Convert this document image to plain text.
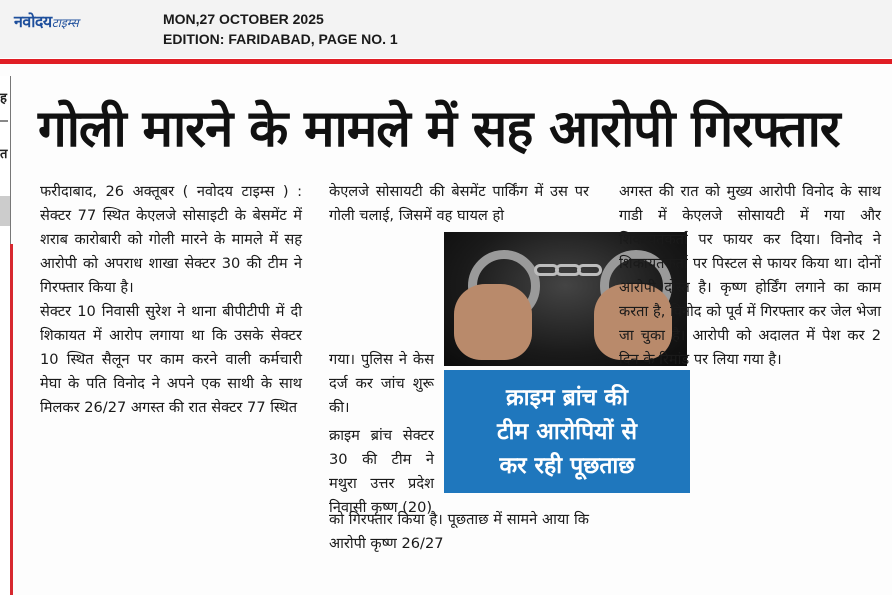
नवोदयटाइम्स	MON,27 OCTOBER 2025
EDITION: FARIDABAD, PAGE NO. 1
ह
त गोली मारने के मामले में सह आरोपी गिरफ्तार

फरीदाबाद, 26 अक्तूबर ( नवोदय टाइम्स ) : सेक्टर 77 स्थित केएलजे सोसाइटी के बेसमेंट में शराब कारोबारी को गोली मारने के मामले में सह आरोपी को अपराध शाखा सेक्टर 30 की टीम ने गिरफ्तार किया है।

सेक्टर 10 निवासी सुरेश ने थाना बीपीटीपी में दी शिकायत में आरोप लगाया था कि उसके सेक्टर 10 स्थित सैलून पर काम करने वाली कर्मचारी मेघा के पति विनोद ने अपने एक साथी के साथ मिलकर 26/27 अगस्त की रात सेक्टर 77 स्थित

केएलजे सोसायटी की बेसमेंट पार्किंग में उस पर गोली चलाई, जिसमें वह घायल हो

गया। पुलिस ने केस दर्ज कर जांच शुरू की।

क्राइम ब्रांच सेक्टर 30 की टीम ने मथुरा उत्तर प्रदेश निवासी कृष्ण (20)

को गिरफ्तार किया है। पूछताछ में सामने आया कि आरोपी कृष्ण 26/27

क्राइम ब्रांच की
टीम आरोपियों से
कर रही पूछताछ

अगस्त की रात को मुख्य आरोपी विनोद के साथ गाडी में केएलजे सोसायटी में गया और शिकायतकर्ता पर फायर कर दिया। विनोद ने शिकायतकर्ता पर पिस्टल से फायर किया था। दोनों आरोपी दोस्त है। कृष्ण होर्डिंग लगाने का काम करता है, विनोद को पूर्व में गिरफ्तार कर जेल भेजा जा चुका है। आरोपी को अदालत में पेश कर 2 दिन के रिमांड पर लिया गया है।
